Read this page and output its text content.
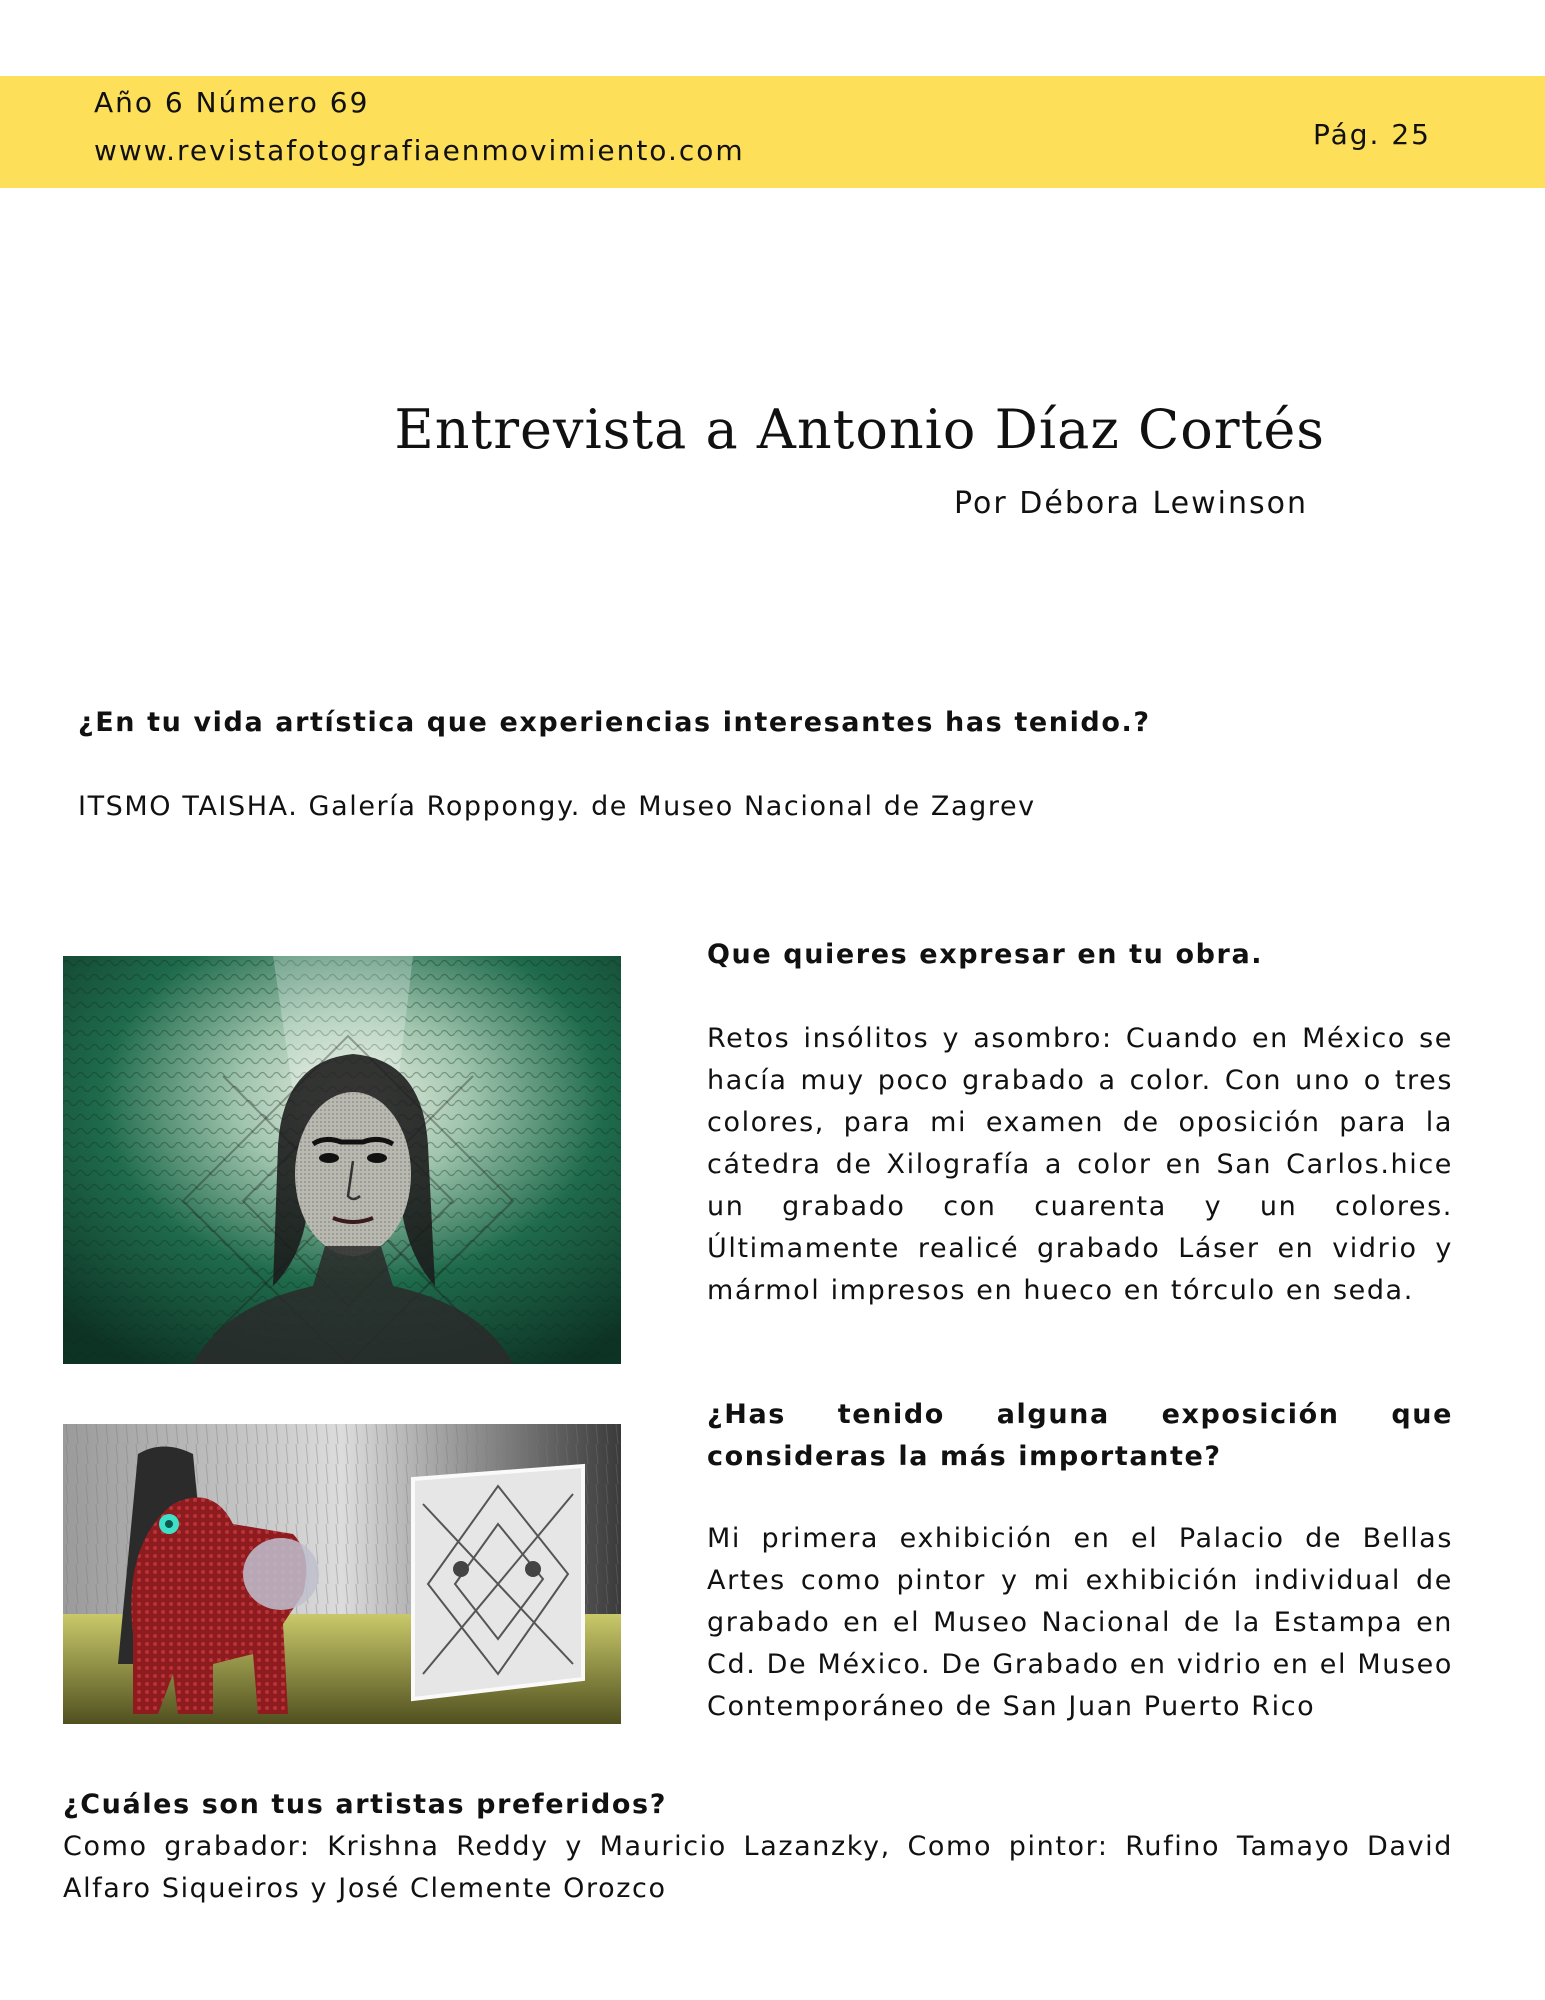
Año 6 Número 69
www.revistafotografiaenmovimiento.com	Pág. 25
Entrevista a Antonio Díaz Cortés
Por Débora Lewinson
¿En tu vida artística que experiencias interesantes has tenido.?
ITSMO TAISHA. Galería Roppongy. de Museo Nacional de Zagrev
Que quieres expresar en tu obra.
Retos insólitos y asombro: Cuando en México se hacía muy poco grabado a color. Con uno o tres colores, para mi examen de oposición para la cátedra de Xilografía a color en San Carlos.hice un grabado con cuarenta y un colores. Últimamente realicé grabado Láser en vidrio y mármol impresos en hueco en tórculo en seda.
¿Has tenido alguna exposición que consideras la más importante?
Mi primera exhibición en el Palacio de Bellas Artes como pintor y mi exhibición individual de grabado en el Museo Nacional de la Estampa en Cd. De México. De Grabado en vidrio en el Museo Contemporáneo de San Juan Puerto Rico
¿Cuáles son tus artistas preferidos?
Como grabador: Krishna Reddy y Mauricio Lazanzky, Como pintor: Rufino Tamayo David Alfaro Siqueiros y José Clemente Orozco
